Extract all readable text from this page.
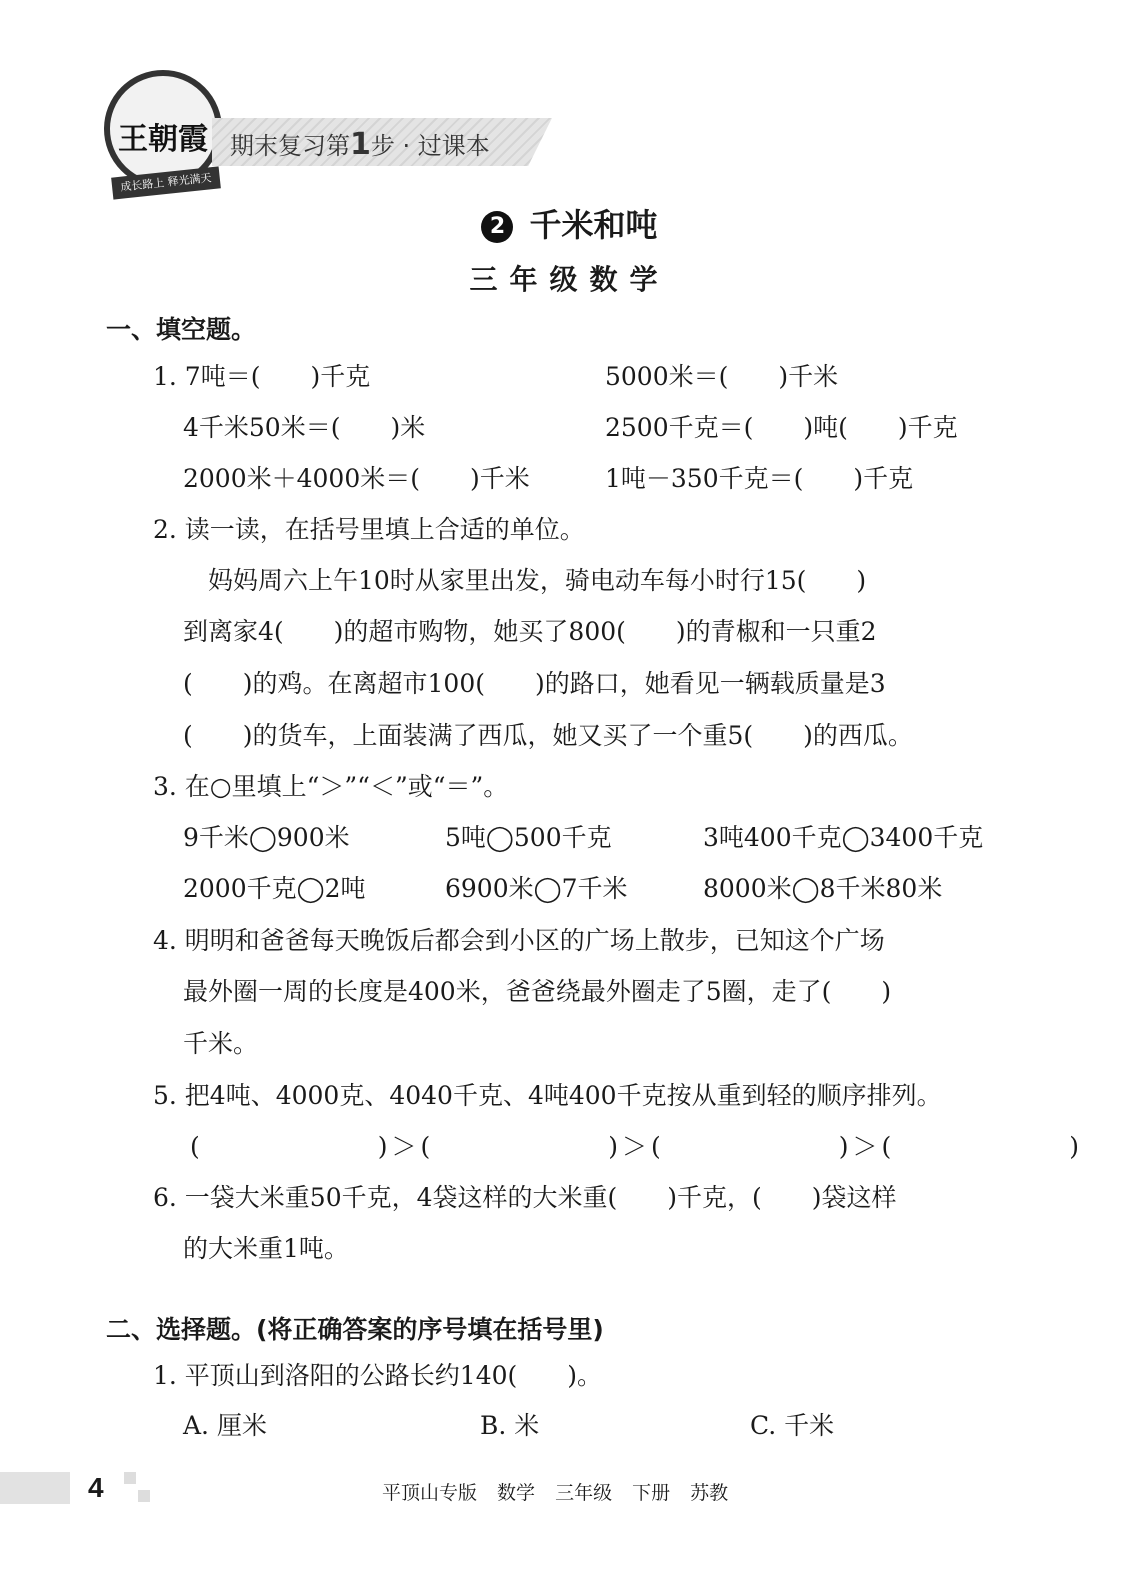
王朝霞
成长路上 释光满天
期末复习第1步 · 过课本
2 千米和吨
三年级数学
一、填空题。
1. 7吨＝(　　)千克	5000米＝(　　)千米
4千米50米＝(　　)米	2500千克＝(　　)吨(　　)千克
2000米＋4000米＝(　　)千米	1吨－350千克＝(　　)千克
2. 读一读，在括号里填上合适的单位。
　妈妈周六上午10时从家里出发，骑电动车每小时行15(　　)
到离家4(　　)的超市购物，她买了800(　　)的青椒和一只重2
(　　)的鸡。在离超市100(　　)的路口，她看见一辆载质量是3
(　　)的货车，上面装满了西瓜，她又买了一个重5(　　)的西瓜。
3. 在○里填上“＞”“＜”或“＝”。
9千米◯900米	5吨◯500千克	3吨400千克◯3400千克
2000千克◯2吨	6900米◯7千米	8000米◯8千米80米
4. 明明和爸爸每天晚饭后都会到小区的广场上散步，已知这个广场
最外圈一周的长度是400米，爸爸绕最外圈走了5圈，走了(　　)
千米。
5. 把4吨、4000克、4040千克、4吨400千克按从重到轻的顺序排列。
(　　　　　　)＞(　　　　　　)＞(　　　　　　)＞(　　　　　　)
6. 一袋大米重50千克，4袋这样的大米重(　　)千克，(　　)袋这样
的大米重1吨。
二、选择题。(将正确答案的序号填在括号里)
1. 平顶山到洛阳的公路长约140(　　)。
A. 厘米	B. 米	C. 千米
4	平顶山专版 数学 三年级 下册 苏教
